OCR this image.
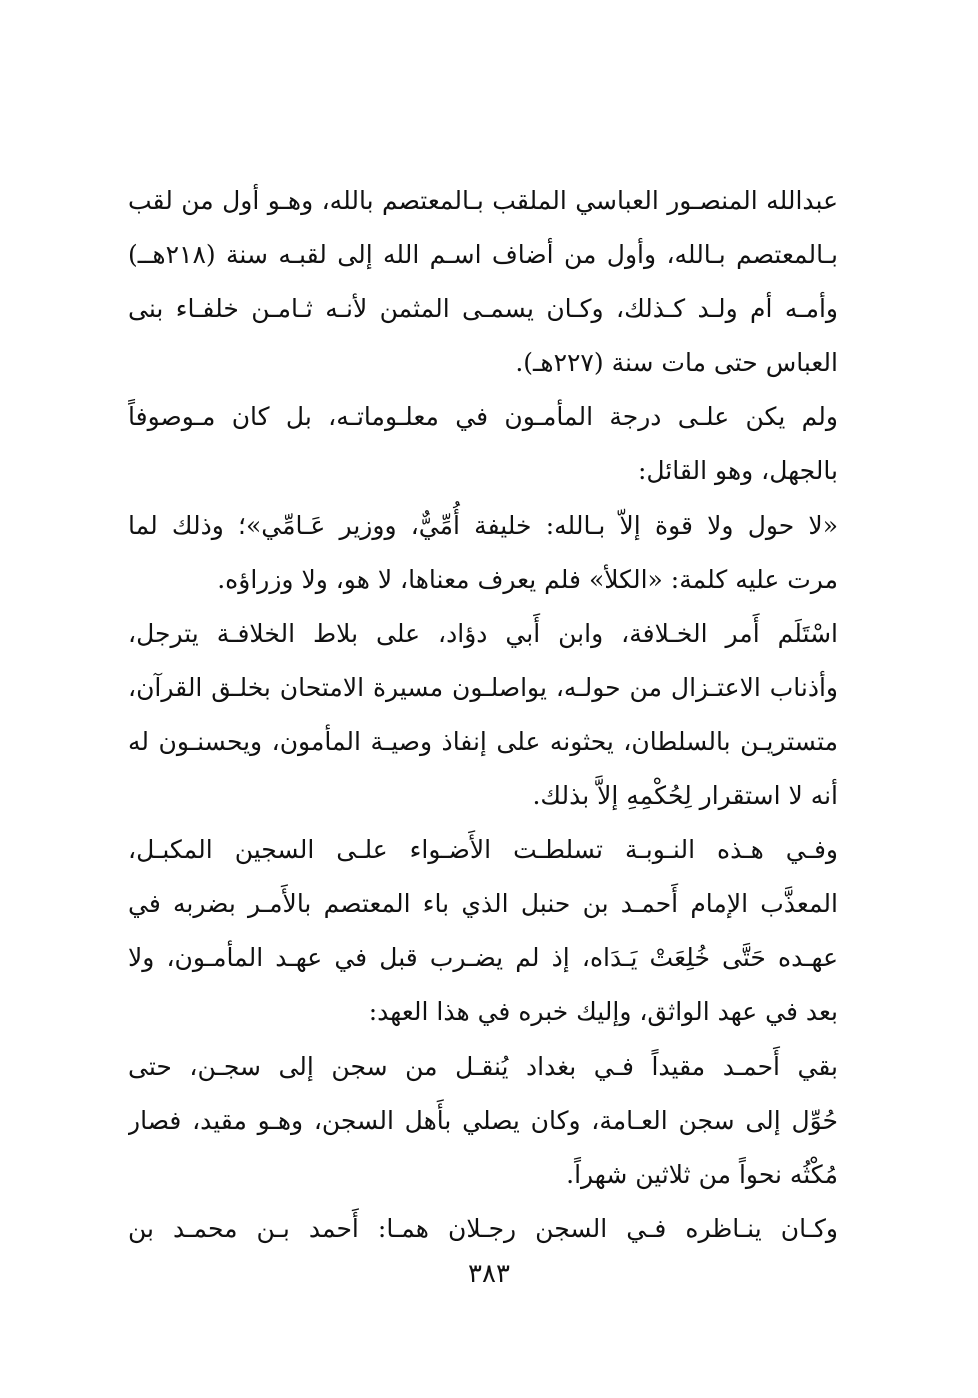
عبدالله المنصـور العباسي الملقب بـالمعتصم بالله، وهـو أول من لقب
بـالمعتصم بـالله، وأول من أضاف اسـم الله إلى لقبـه سنة (٢١٨هــ)
وأمـه أم ولـد كـذلك، وكـان يسمـى المثمن لأنـه ثـامـن خلفـاء بنى
العباس حتى مات سنة (٢٢٧هـ).
ولم يكن علـى درجة المأمـون في معلـوماتـه، بل كان مـوصوفاً
بالجهل، وهو القائل:
«لا حول ولا قوة إلاّ بـالله: خليفة أُمِّيٌّ، ووزير عَـامِّي»؛ وذلك لما
مرت عليه كلمة: «الكلأ» فلم يعرف معناها، لا هو، ولا وزراؤه.
اسْتَلَم أَمر الخـلافة، وابن أَبي دؤاد، على بلاط الخلافـة يترجل،
وأذناب الاعتـزال من حولـه، يواصلـون مسيرة الامتحان بخلـق القرآن،
متستريـن بالسلطان، يحثونه على إنفاذ وصيـة المأمون، ويحسنـون له
أنه لا استقرار لِحُكْمِهِ إلاَّ بذلك.
وفـي هـذه النـوبـة تسلطـت الأَضـواء علـى السجين المكبـل،
المعذَّب الإمام أَحمـد بن حنبل الذي باء المعتصم بالأَمـر بضربه في
عهـده حَتَّى خُلِعَتْ يَـدَاه، إذ لم يضـرب قبل في عهـد المأمـون، ولا
بعد في عهد الواثق، وإليك خبره في هذا العهد:
بقي أَحمـد مقيداً فـي بغداد يُنقـل من سجن إلى سجـن، حتى
حُوِّل إلى سجن العـامة، وكان يصلي بأَهل السجن، وهـو مقيد، فصار
مُكْثُه نحواً من ثلاثين شهراً.
وكـان ينـاظره فـي السجن رجـلان همـا: أَحمد بـن محمـد بن
٣٨٣
